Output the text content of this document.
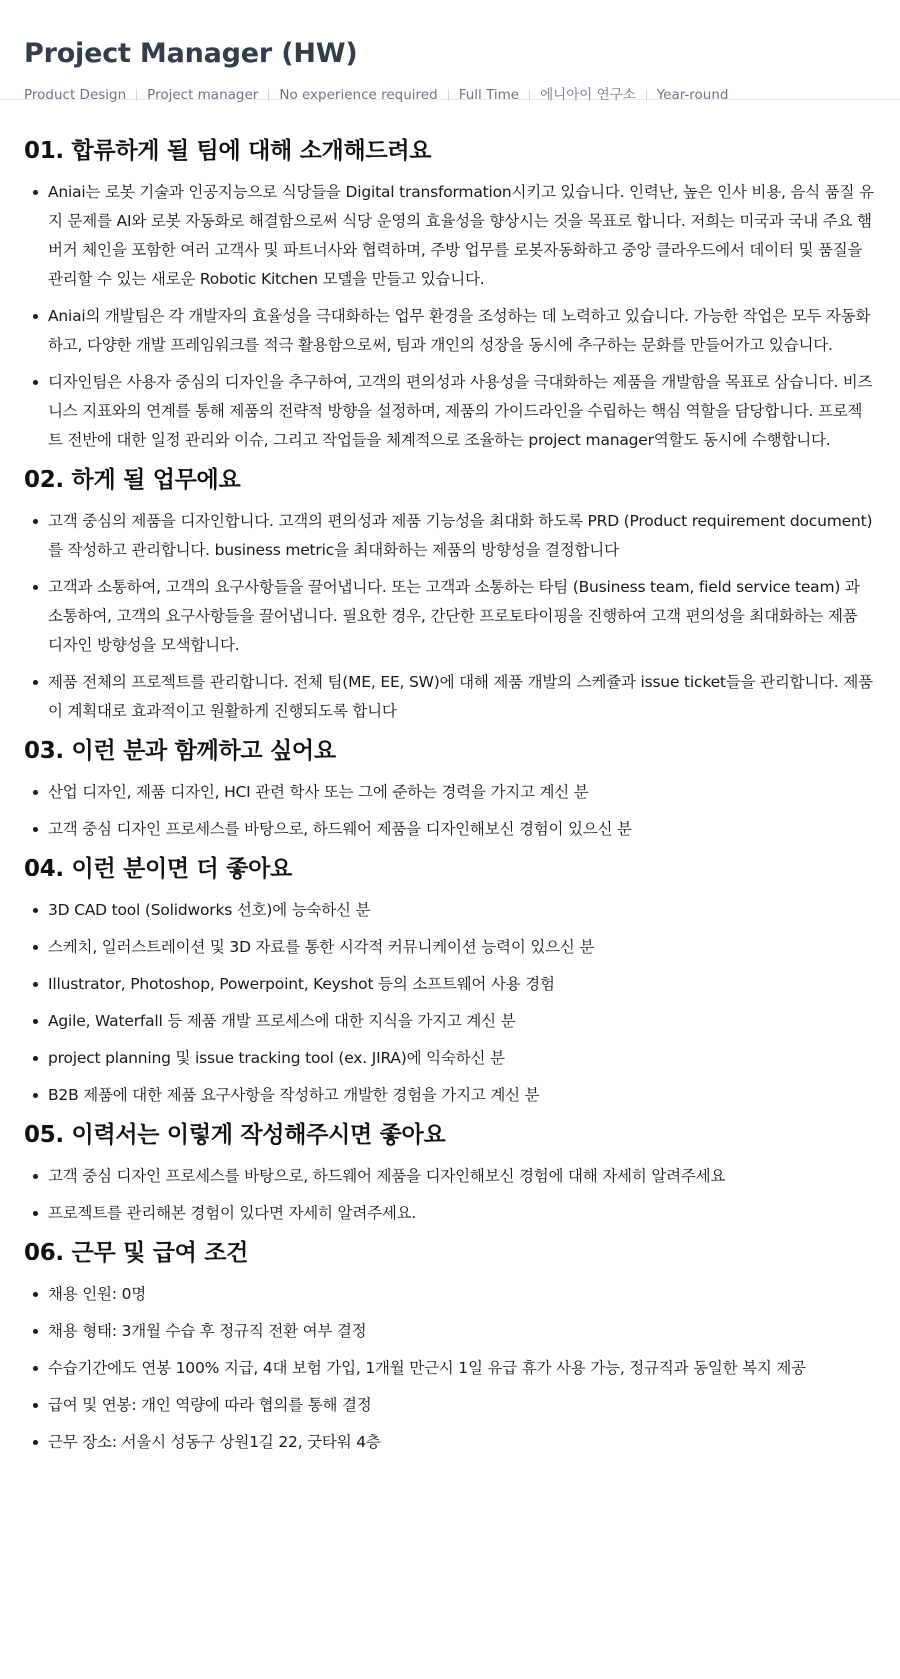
Project Manager (HW)
Product Design Project manager No experience required Full Time 에니아이 연구소 Year-round
01. 합류하게 될 팀에 대해 소개해드려요
Aniai는 로봇 기술과 인공지능으로 식당들을 Digital transformation시키고 있습니다. 인력난, 높은 인사 비용, 음식 품질 유지 문제를 AI와 로봇 자동화로 해결함으로써 식당 운영의 효율성을 향상시는 것을 목표로 합니다. 저희는 미국과 국내 주요 햄버거 체인을 포함한 여러 고객사 및 파트너사와 협력하며, 주방 업무를 로봇자동화하고 중앙 클라우드에서 데이터 및 품질을 관리할 수 있는 새로운 Robotic Kitchen 모델을 만들고 있습니다.
Aniai의 개발팀은 각 개발자의 효율성을 극대화하는 업무 환경을 조성하는 데 노력하고 있습니다. 가능한 작업은 모두 자동화하고, 다양한 개발 프레임워크를 적극 활용함으로써, 팀과 개인의 성장을 동시에 추구하는 문화를 만들어가고 있습니다.
디자인팀은 사용자 중심의 디자인을 추구하여, 고객의 편의성과 사용성을 극대화하는 제품을 개발함을 목표로 삼습니다. 비즈니스 지표와의 연계를 통해 제품의 전략적 방향을 설정하며, 제품의 가이드라인을 수립하는 핵심 역할을 담당합니다. 프로젝트 전반에 대한 일정 관리와 이슈, 그리고 작업들을 체계적으로 조율하는 project manager역할도 동시에 수행합니다.
02. 하게 될 업무에요
고객 중심의 제품을 디자인합니다. 고객의 편의성과 제품 기능성을 최대화 하도록 PRD (Product requirement document)를 작성하고 관리합니다. business metric을 최대화하는 제품의 방향성을 결정합니다
고객과 소통하여, 고객의 요구사항들을 끌어냅니다. 또는 고객과 소통하는 타팀 (Business team, field service team) 과 소통하여, 고객의 요구사항들을 끌어냅니다. 필요한 경우, 간단한 프로토타이핑을 진행하여 고객 편의성을 최대화하는 제품 디자인 방향성을 모색합니다.
제품 전체의 프로젝트를 관리합니다. 전체 팀(ME, EE, SW)에 대해 제품 개발의 스케쥴과 issue ticket들을 관리합니다. 제품이 계획대로 효과적이고 원활하게 진행되도록 합니다
03. 이런 분과 함께하고 싶어요
산업 디자인, 제품 디자인, HCI 관련 학사 또는 그에 준하는 경력을 가지고 계신 분
고객 중심 디자인 프로세스를 바탕으로, 하드웨어 제품을 디자인해보신 경험이 있으신 분
04. 이런 분이면 더 좋아요
3D CAD tool (Solidworks 선호)에 능숙하신 분
스케치, 일러스트레이션 및 3D 자료를 통한 시각적 커뮤니케이션 능력이 있으신 분
Illustrator, Photoshop, Powerpoint, Keyshot 등의 소프트웨어 사용 경험
Agile, Waterfall 등 제품 개발 프로세스에 대한 지식을 가지고 계신 분
project planning 및 issue tracking tool (ex. JIRA)에 익숙하신 분
B2B 제품에 대한 제품 요구사항을 작성하고 개발한 경험을 가지고 계신 분
05. 이력서는 이렇게 작성해주시면 좋아요
고객 중심 디자인 프로세스를 바탕으로, 하드웨어 제품을 디자인해보신 경험에 대해 자세히 알려주세요
프로젝트를 관리해본 경험이 있다면 자세히 알려주세요.
06. 근무 및 급여 조건
채용 인원: 0명
채용 형태: 3개월 수습 후 정규직 전환 여부 결정
수습기간에도 연봉 100% 지급, 4대 보험 가입, 1개월 만근시 1일 유급 휴가 사용 가능, 정규직과 동일한 복지 제공
급여 및 연봉: 개인 역량에 따라 협의를 통해 결정
근무 장소: 서울시 성동구 상원1길 22, 굿타워 4층
